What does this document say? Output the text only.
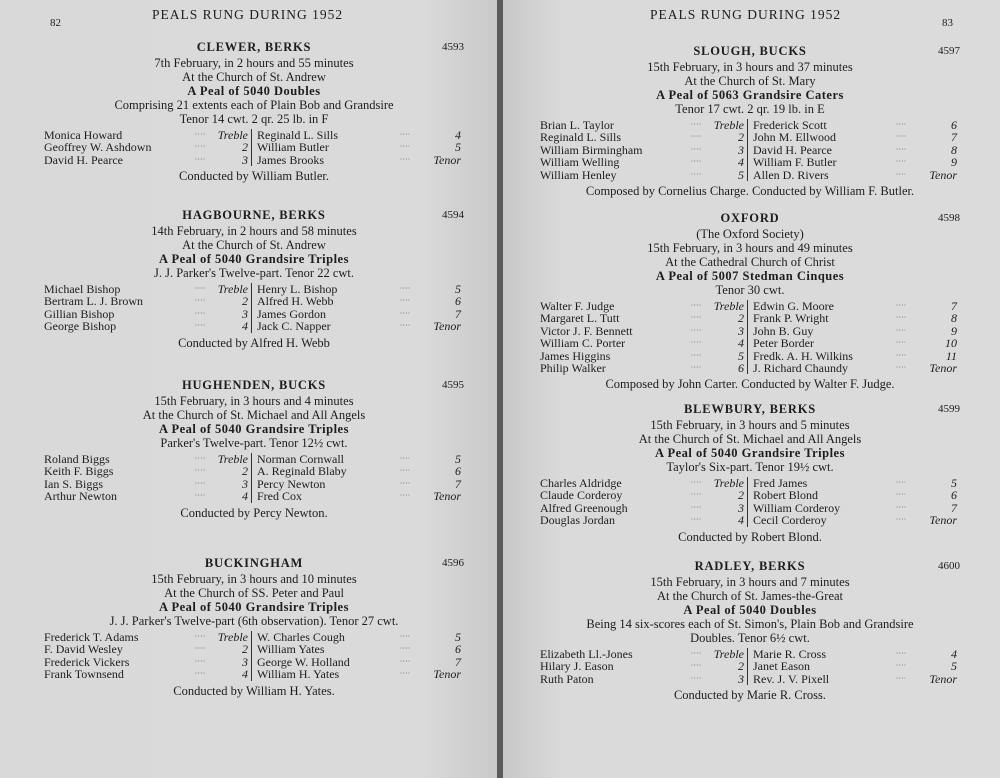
82
PEALS RUNG DURING 1952
CLEWER, BERKS	4593
7th February, in 2 hours and 55 minutes
At the Church of St. Andrew
A Peal of 5040 Doubles
Comprising 21 extents each of Plain Bob and Grandsire
Tenor 14 cwt. 2 qr. 25 lb. in F
Monica Howard	····	Treble
Geoffrey W. Ashdown	····	2
David H. Pearce	····	3
Reginald L. Sills	····	4
William Butler	····	5
James Brooks	····	Tenor
Conducted by William Butler.
HAGBOURNE, BERKS	4594
14th February, in 2 hours and 58 minutes
At the Church of St. Andrew
A Peal of 5040 Grandsire Triples
J. J. Parker's Twelve-part. Tenor 22 cwt.
Michael Bishop	····	Treble
Bertram L. J. Brown	····	2
Gillian Bishop	····	3
George Bishop	····	4
Henry L. Bishop	····	5
Alfred H. Webb	····	6
James Gordon	····	7
Jack C. Napper	····	Tenor
Conducted by Alfred H. Webb
HUGHENDEN, BUCKS	4595
15th February, in 3 hours and 4 minutes
At the Church of St. Michael and All Angels
A Peal of 5040 Grandsire Triples
Parker's Twelve-part. Tenor 12½ cwt.
Roland Biggs	····	Treble
Keith F. Biggs	····	2
Ian S. Biggs	····	3
Arthur Newton	····	4
Norman Cornwall	····	5
A. Reginald Blaby	····	6
Percy Newton	····	7
Fred Cox	····	Tenor
Conducted by Percy Newton.
BUCKINGHAM	4596
15th February, in 3 hours and 10 minutes
At the Church of SS. Peter and Paul
A Peal of 5040 Grandsire Triples
J. J. Parker's Twelve-part (6th observation). Tenor 27 cwt.
Frederick T. Adams	····	Treble
F. David Wesley	····	2
Frederick Vickers	····	3
Frank Townsend	····	4
W. Charles Cough	····	5
William Yates	····	6
George W. Holland	····	7
William H. Yates	····	Tenor
Conducted by William H. Yates.
PEALS RUNG DURING 1952
83
SLOUGH, BUCKS	4597
15th February, in 3 hours and 37 minutes
At the Church of St. Mary
A Peal of 5063 Grandsire Caters
Tenor 17 cwt. 2 qr. 19 lb. in E
Brian L. Taylor	····	Treble
Reginald L. Sills	····	2
William Birmingham	····	3
William Welling	····	4
William Henley	····	5
Frederick Scott	····	6
John M. Ellwood	····	7
David H. Pearce	····	8
William F. Butler	····	9
Allen D. Rivers	····	Tenor
Composed by Cornelius Charge. Conducted by William F. Butler.
OXFORD	4598
(The Oxford Society)
15th February, in 3 hours and 49 minutes
At the Cathedral Church of Christ
A Peal of 5007 Stedman Cinques
Tenor 30 cwt.
Walter F. Judge	····	Treble
Margaret L. Tutt	····	2
Victor J. F. Bennett	····	3
William C. Porter	····	4
James Higgins	····	5
Philip Walker	····	6
Edwin G. Moore	····	7
Frank P. Wright	····	8
John B. Guy	····	9
Peter Border	····	10
Fredk. A. H. Wilkins	····	11
J. Richard Chaundy	····	Tenor
Composed by John Carter. Conducted by Walter F. Judge.
BLEWBURY, BERKS	4599
15th February, in 3 hours and 5 minutes
At the Church of St. Michael and All Angels
A Peal of 5040 Grandsire Triples
Taylor's Six-part. Tenor 19½ cwt.
Charles Aldridge	····	Treble
Claude Corderoy	····	2
Alfred Greenough	····	3
Douglas Jordan	····	4
Fred James	····	5
Robert Blond	····	6
William Corderoy	····	7
Cecil Corderoy	····	Tenor
Conducted by Robert Blond.
RADLEY, BERKS	4600
15th February, in 3 hours and 7 minutes
At the Church of St. James-the-Great
A Peal of 5040 Doubles
Being 14 six-scores each of St. Simon's, Plain Bob and Grandsire
Doubles. Tenor 6½ cwt.
Elizabeth Ll.-Jones	····	Treble
Hilary J. Eason	····	2
Ruth Paton	····	3
Marie R. Cross	····	4
Janet Eason	····	5
Rev. J. V. Pixell	····	Tenor
Conducted by Marie R. Cross.
